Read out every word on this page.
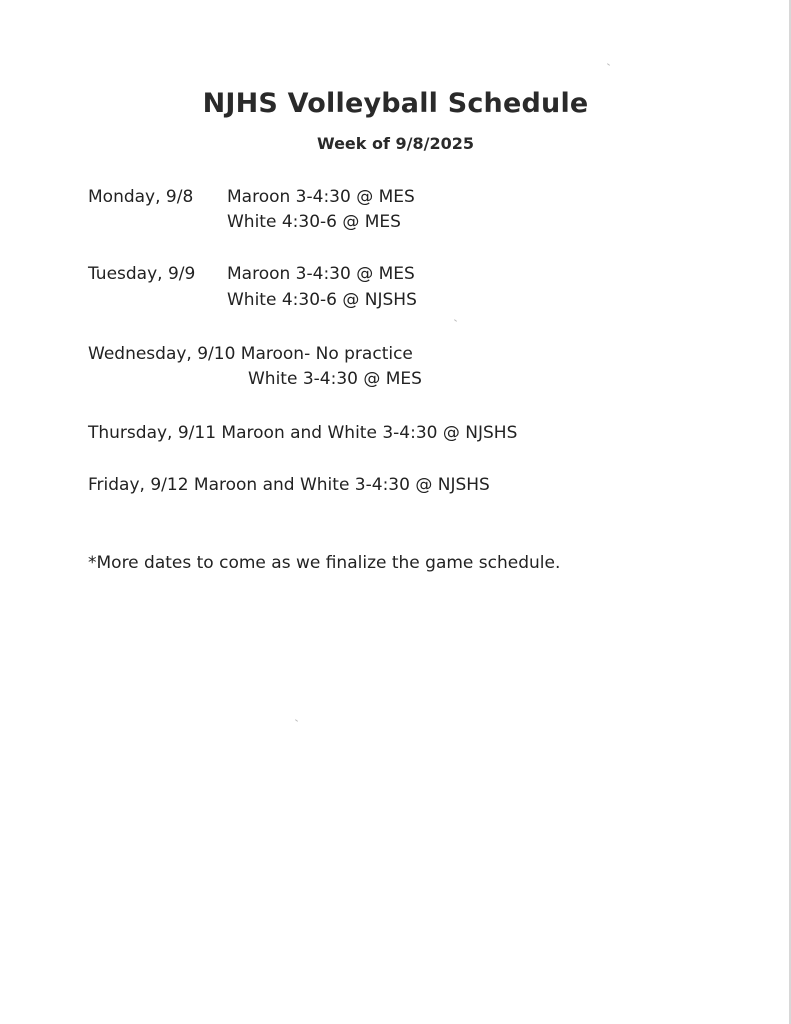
NJHS Volleyball Schedule
Week of 9/8/2025
Monday, 9/8 Maroon 3-4:30 @ MES
White 4:30-6 @ MES
Tuesday, 9/9 Maroon 3-4:30 @ MES
White 4:30-6 @ NJSHS
Wednesday, 9/10 Maroon- No practice
White 3-4:30 @ MES
Thursday, 9/11 Maroon and White 3-4:30 @ NJSHS
Friday, 9/12 Maroon and White 3-4:30 @ NJSHS
*More dates to come as we finalize the game schedule.
